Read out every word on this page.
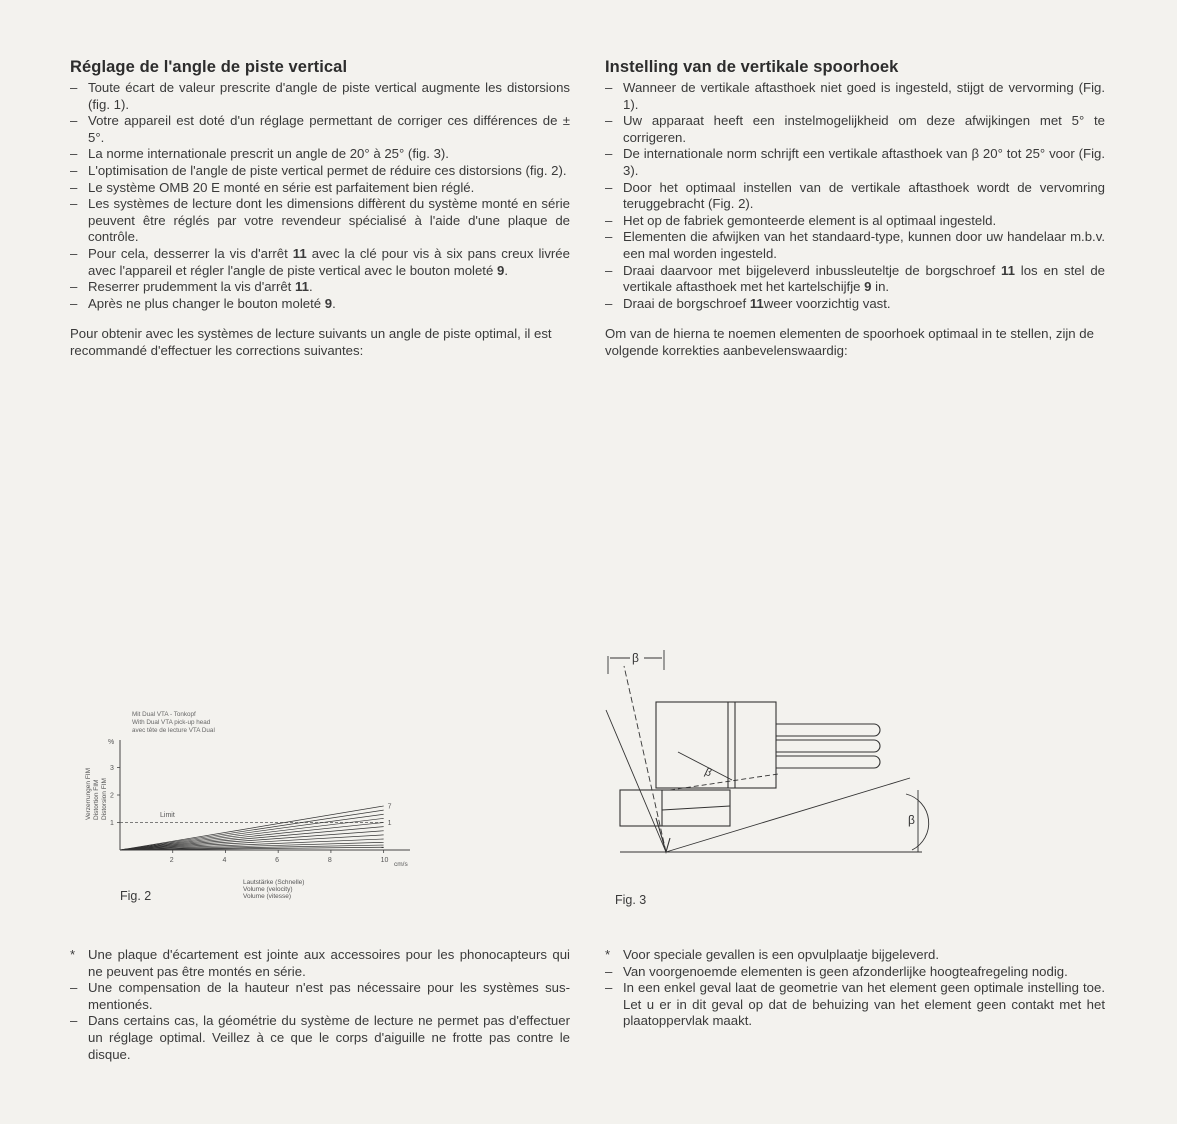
Réglage de l'angle de piste vertical
– Toute écart de valeur prescrite d'angle de piste vertical augmente les distorsions (fig. 1).
– Votre appareil est doté d'un réglage permettant de corriger ces différences de ± 5°.
– La norme internationale prescrit un angle de 20° à 25° (fig. 3).
– L'optimisation de l'angle de piste vertical permet de réduire ces distorsions (fig. 2).
– Le système OMB 20 E monté en série est parfaitement bien réglé.
– Les systèmes de lecture dont les dimensions diffèrent du système monté en série peuvent être réglés par votre revendeur spécialisé à l'aide d'une plaque de contrôle.
– Pour cela, desserrer la vis d'arrêt 11 avec la clé pour vis à six pans creux livrée avec l'appareil et régler l'angle de piste vertical avec le bouton moleté 9.
– Reserrer prudemment la vis d'arrêt 11.
– Après ne plus changer le bouton moleté 9.

Pour obtenir avec les systèmes de lecture suivants un angle de piste optimal, il est recommandé d'effectuer les corrections suivantes:

Instelling van de vertikale spoorhoek
– Wanneer de vertikale aftasthoek niet goed is ingesteld, stijgt de vervorming (Fig. 1).
– Uw apparaat heeft een instelmogelijkheid om deze afwijkingen met 5° te corrigeren.
– De internationale norm schrijft een vertikale aftasthoek van β 20° tot 25° voor (Fig. 3).
– Door het optimaal instellen van de vertikale aftasthoek wordt de vervomring teruggebracht (Fig. 2).
– Het op de fabriek gemonteerde element is al optimaal ingesteld.
– Elementen die afwijken van het standaard-type, kunnen door uw handelaar m.b.v. een mal worden ingesteld.
– Draai daarvoor met bijgeleverd inbussleuteltje de borgschroef 11 los en stel de vertikale aftasthoek met het kartelschijfje 9 in.
– Draai de borgschroef 11weer voorzichtig vast.

Om van de hierna te noemen elementen de spoorhoek optimaal in te stellen, zijn de volgende korrekties aanbevelenswaardig:

Verzerrungen FIM Distortion FIM Distorsion FIM
%
Mit Dual VTA - Tonkopf
With Dual VTA pick-up head
avec tête de lecture VTA Dual
1
2
3
2	4	6	8	10
7
1
Limit
cm/s
Lautstärke (Schnelle)
Volume (velocity)
Volume (vitesse)
Fig. 2
β
β
β
Fig. 3
* Une plaque d'écartement est jointe aux accessoires pour les phonocapteurs qui ne peuvent pas être montés en série.
– Une compensation de la hauteur n'est pas nécessaire pour les systèmes sus-mentionés.
– Dans certains cas, la géométrie du système de lecture ne permet pas d'effectuer un réglage optimal. Veillez à ce que le corps d'aiguille ne frotte pas contre le disque.
* Voor speciale gevallen is een opvulplaatje bijgeleverd.
– Van voorgenoemde elementen is geen afzonderlijke hoogteafregeling nodig.
– In een enkel geval laat de geometrie van het element geen optimale instelling toe. Let u er in dit geval op dat de behuizing van het element geen contakt met het plaatoppervlak maakt.
